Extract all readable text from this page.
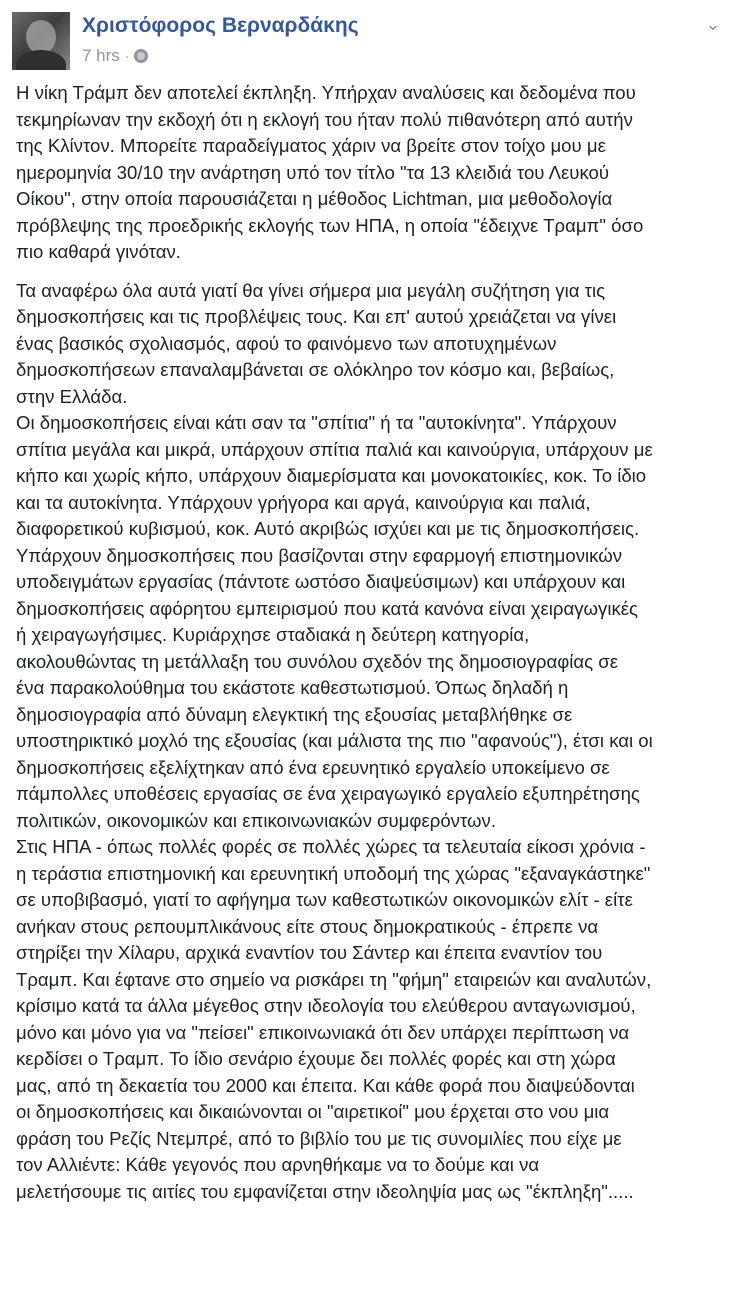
Χριστόφορος Βερναρδάκης
7 hrs ·
⌄

Η νίκη Τράμπ δεν αποτελεί έκπληξη. Υπήρχαν αναλύσεις και δεδομένα που
τεκμηρίωναν την εκδοχή ότι η εκλογή του ήταν πολύ πιθανότερη από αυτήν
της Κλίντον. Μπορείτε παραδείγματος χάριν να βρείτε στον τοίχο μου με
ημερομηνία 30/10 την ανάρτηση υπό τον τίτλο "τα 13 κλειδιά του Λευκού
Οίκου", στην οποία παρουσιάζεται η μέθοδος Lichtman, μια μεθοδολογία
πρόβλεψης της προεδρικής εκλογής των ΗΠΑ, η οποία "έδειχνε Τραμπ" όσο
πιο καθαρά γινόταν.

Τα αναφέρω όλα αυτά γιατί θα γίνει σήμερα μια μεγάλη συζήτηση για τις
δημοσκοπήσεις και τις προβλέψεις τους. Και επ' αυτού χρειάζεται να γίνει
ένας βασικός σχολιασμός, αφού το φαινόμενο των αποτυχημένων
δημοσκοπήσεων επαναλαμβάνεται σε ολόκληρο τον κόσμο και, βεβαίως,
στην Ελλάδα.

Οι δημοσκοπήσεις είναι κάτι σαν τα "σπίτια" ή τα "αυτοκίνητα". Υπάρχουν
σπίτια μεγάλα και μικρά, υπάρχουν σπίτια παλιά και καινούργια, υπάρχουν με
κήπο και χωρίς κήπο, υπάρχουν διαμερίσματα και μονοκατοικίες, κοκ. Το ίδιο
και τα αυτοκίνητα. Υπάρχουν γρήγορα και αργά, καινούργια και παλιά,
διαφορετικού κυβισμού, κοκ. Αυτό ακριβώς ισχύει και με τις δημοσκοπήσεις.
Υπάρχουν δημοσκοπήσεις που βασίζονται στην εφαρμογή επιστημονικών
υποδειγμάτων εργασίας (πάντοτε ωστόσο διαψεύσιμων) και υπάρχουν και
δημοσκοπήσεις αφόρητου εμπειρισμού που κατά κανόνα είναι χειραγωγικές
ή χειραγωγήσιμες. Κυριάρχησε σταδιακά η δεύτερη κατηγορία,
ακολουθώντας τη μετάλλαξη του συνόλου σχεδόν της δημοσιογραφίας σε
ένα παρακολούθημα του εκάστοτε καθεστωτισμού. Όπως δηλαδή η
δημοσιογραφία από δύναμη ελεγκτική της εξουσίας μεταβλήθηκε σε
υποστηρικτικό μοχλό της εξουσίας (και μάλιστα της πιο "αφανούς"), έτσι και οι
δημοσκοπήσεις εξελίχτηκαν από ένα ερευνητικό εργαλείο υποκείμενο σε
πάμπολλες υποθέσεις εργασίας σε ένα χειραγωγικό εργαλείο εξυπηρέτησης
πολιτικών, οικονομικών και επικοινωνιακών συμφερόντων.

Στις ΗΠΑ - όπως πολλές φορές σε πολλές χώρες τα τελευταία είκοσι χρόνια -
η τεράστια επιστημονική και ερευνητική υποδομή της χώρας "εξαναγκάστηκε"
σε υποβιβασμό, γιατί το αφήγημα των καθεστωτικών οικονομικών ελίτ - είτε
ανήκαν στους ρεπουμπλικάνους είτε στους δημοκρατικούς - έπρεπε να
στηρίξει την Χίλαρυ, αρχικά εναντίον του Σάντερ και έπειτα εναντίον του
Τραμπ. Και έφτανε στο σημείο να ρισκάρει τη "φήμη" εταιρειών και αναλυτών,
κρίσιμο κατά τα άλλα μέγεθος στην ιδεολογία του ελεύθερου ανταγωνισμού,
μόνο και μόνο για να "πείσει" επικοινωνιακά ότι δεν υπάρχει περίπτωση να
κερδίσει ο Τραμπ. Το ίδιο σενάριο έχουμε δει πολλές φορές και στη χώρα
μας, από τη δεκαετία του 2000 και έπειτα. Και κάθε φορά που διαψεύδονται
οι δημοσκοπήσεις και δικαιώνονται οι "αιρετικοί" μου έρχεται στο νου μια
φράση του Ρεζίς Ντεμπρέ, από το βιβλίο του με τις συνομιλίες που είχε με
τον Αλλιέντε: Κάθε γεγονός που αρνηθήκαμε να το δούμε και να
μελετήσουμε τις αιτίες του εμφανίζεται στην ιδεοληψία μας ως "έκπληξη".....
